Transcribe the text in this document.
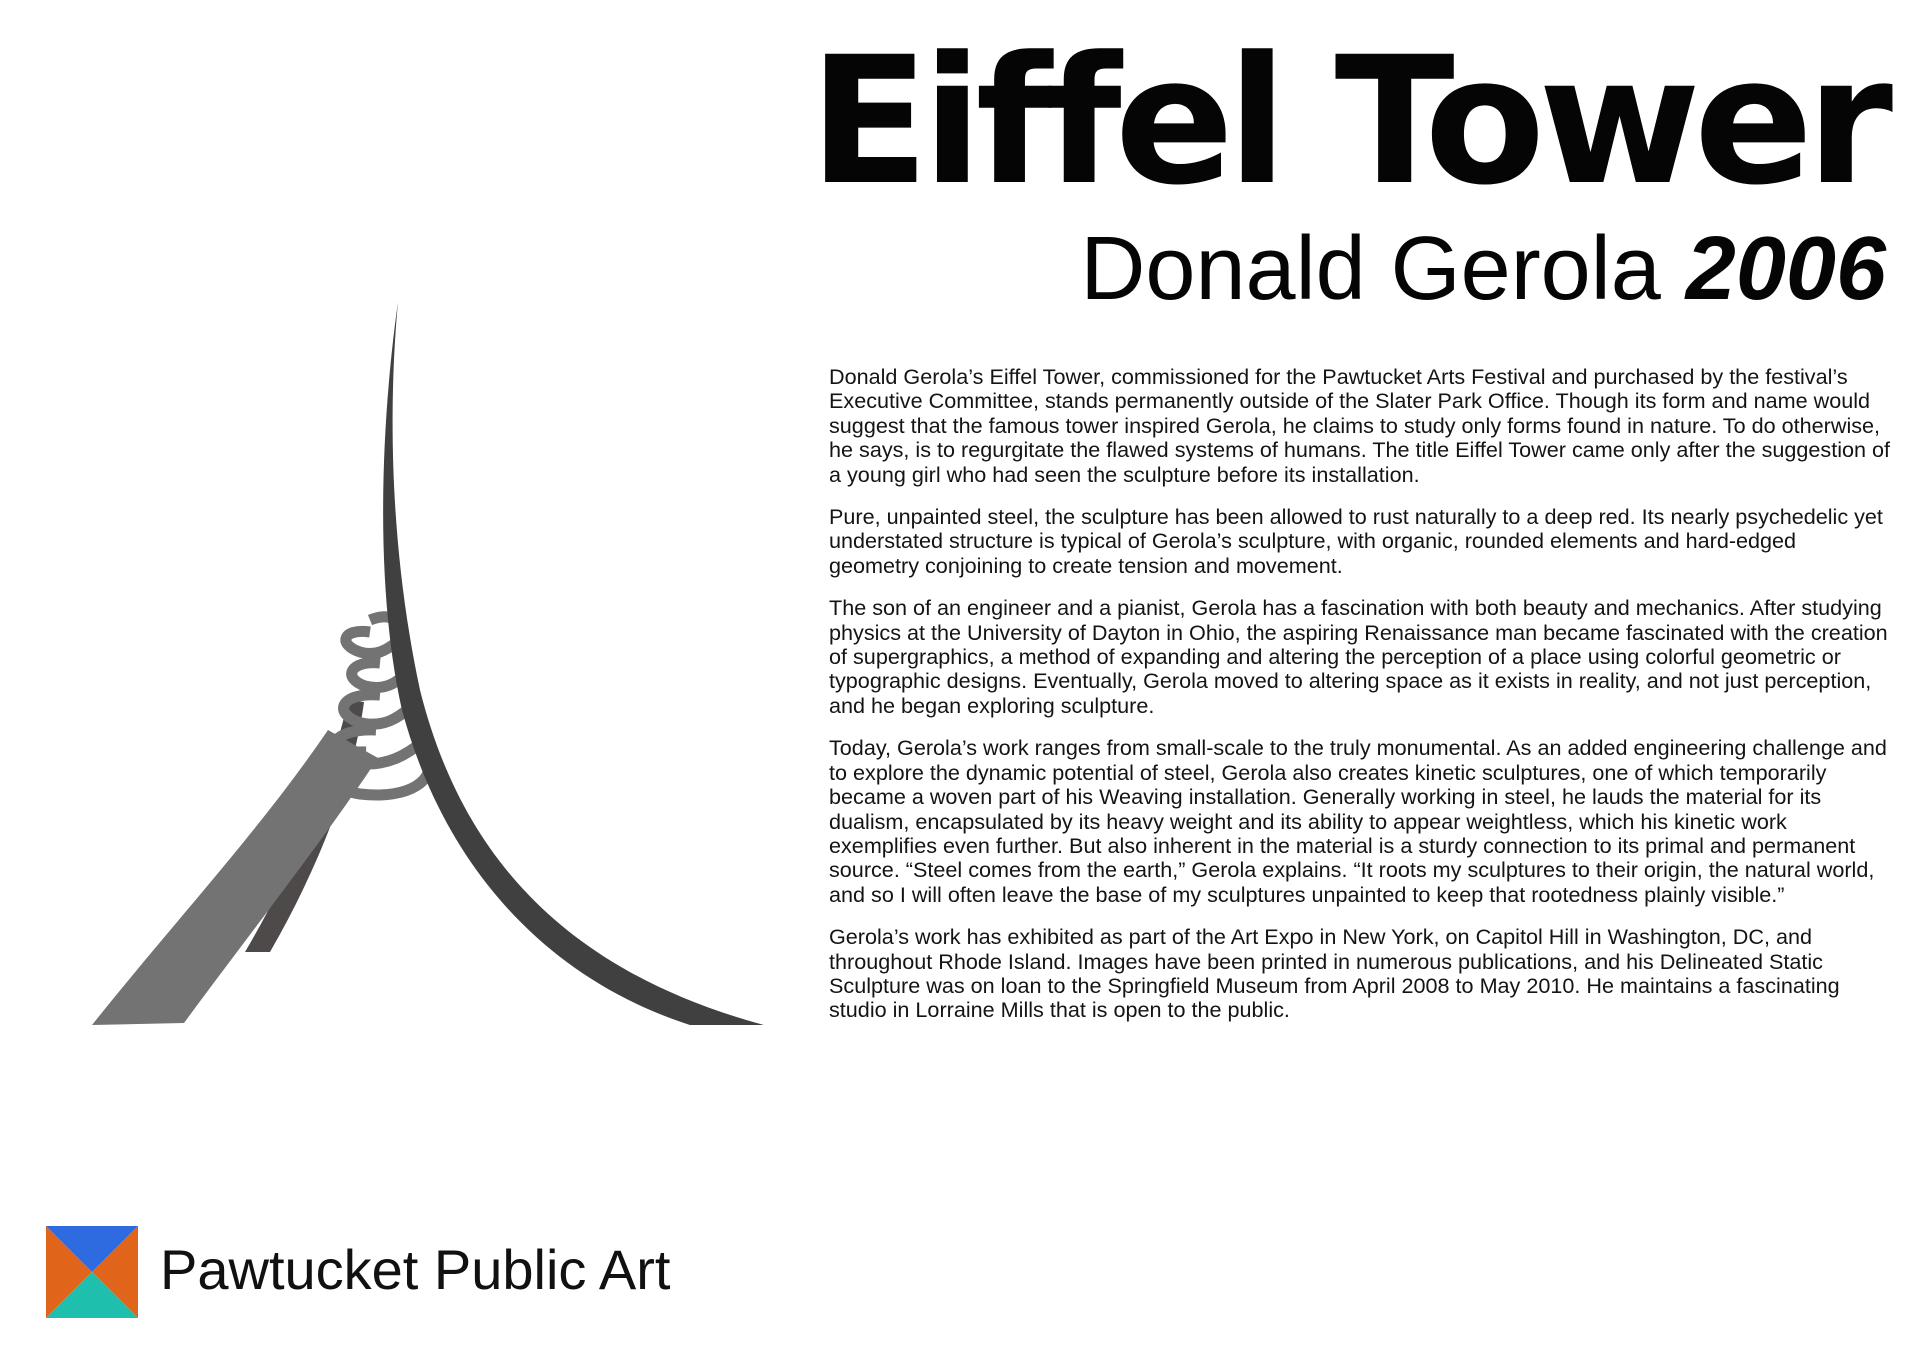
Eiffel Tower
Donald Gerola 2006

Donald Gerola’s Eiffel Tower, commissioned for the Pawtucket Arts Festival and purchased by the festival’s Executive Committee, stands permanently outside of the Slater Park Office. Though its form and name would suggest that the famous tower inspired Gerola, he claims to study only forms found in nature. To do otherwise, he says, is to regurgitate the flawed systems of humans. The title Eiffel Tower came only after the suggestion of a young girl who had seen the sculpture before its installation.

Pure, unpainted steel, the sculpture has been allowed to rust naturally to a deep red. Its nearly psychedelic yet understated structure is typical of Gerola’s sculpture, with organic, rounded elements and hard-edged geometry conjoining to create tension and movement.

The son of an engineer and a pianist, Gerola has a fascination with both beauty and mechanics. After studying physics at the University of Dayton in Ohio, the aspiring Renaissance man became fascinated with the creation of supergraphics, a method of expanding and altering the perception of a place using colorful geometric or typographic designs. Eventually, Gerola moved to altering space as it exists in reality, and not just perception, and he began exploring sculpture.

Today, Gerola’s work ranges from small-scale to the truly monumental. As an added engineering challenge and to explore the dynamic potential of steel, Gerola also creates kinetic sculptures, one of which temporarily became a woven part of his Weaving installation. Generally working in steel, he lauds the material for its dualism, encapsulated by its heavy weight and its ability to appear weightless, which his kinetic work exemplifies even further. But also inherent in the material is a sturdy connection to its primal and permanent source. “Steel comes from the earth,” Gerola explains. “It roots my sculptures to their origin, the natural world, and so I will often leave the base of my sculptures unpainted to keep that rootedness plainly visible.”

Gerola’s work has exhibited as part of the Art Expo in New York, on Capitol Hill in Washington, DC, and throughout Rhode Island. Images have been printed in numerous publications, and his Delineated Static Sculpture was on loan to the Springfield Museum from April 2008 to May 2010. He maintains a fascinating studio in Lorraine Mills that is open to the public.

Pawtucket Public Art
